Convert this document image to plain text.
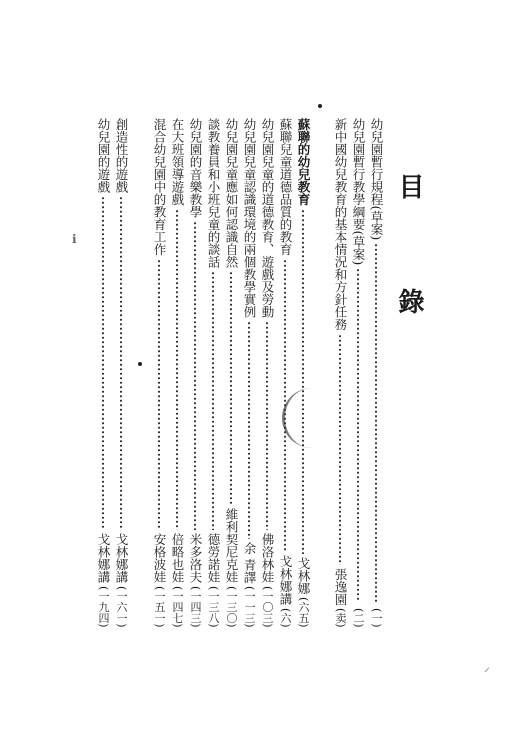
目 錄
幼兒園暫行規程(草案)
(一)
幼兒園暫行教學綱要(草案)
(二)
新中國幼兒教育的基本情況和方針任務
張逸園
(卖)
蘇聯的幼兒教育
戈林娜
(六五)
蘇聯兒童道德品質的教育
戈林娜講
(六)
幼兒園兒童的道德教育、遊戲及勞動
佛洛林娃
(一〇三)
幼兒園兒童認識環境的兩個教學實例
余 青譯
(一一三)
幼兒園兒童應如何認識自然
維利契尼克娃
(一三〇)
談教養員和小班兒童的談話
德勞諾娃
(一三八)
幼兒園的音樂教學
米多洛夫
(一四三)
在大班領導遊戲
倍略也娃
(一四七)
混合幼兒園中的教育工作
安格波娃
(一五一)
創造性的遊戲
戈林娜講
(一六一)
幼兒園的遊戲
戈林娜講
(一九四)
ℹ
⸝
